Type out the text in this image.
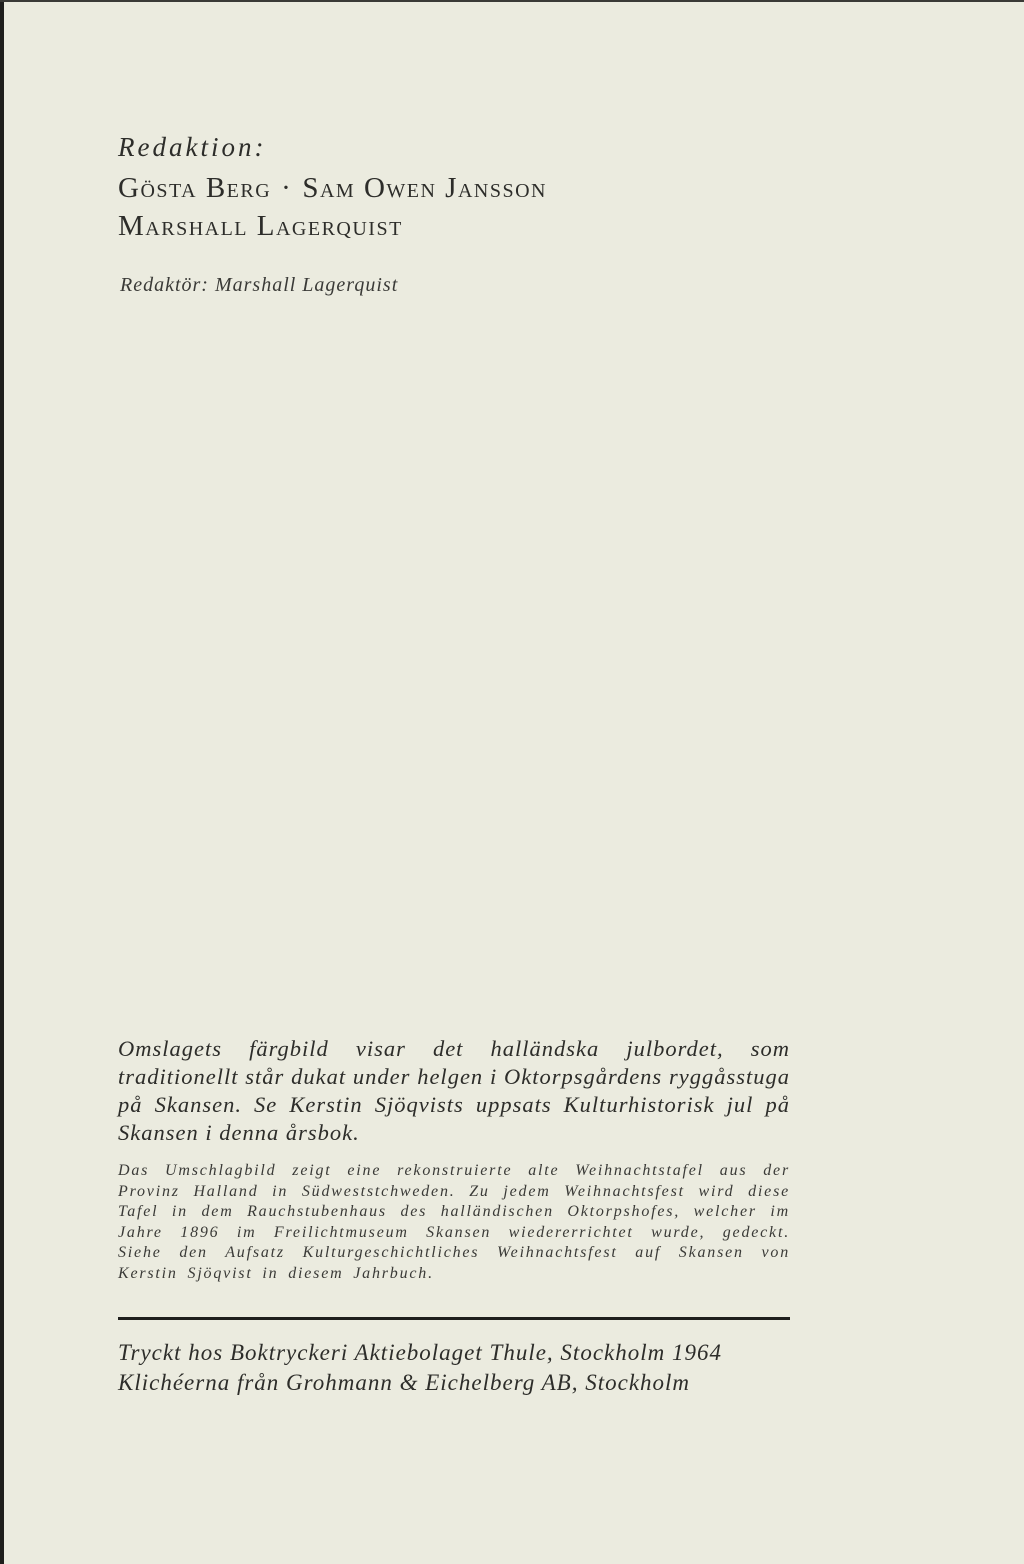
Redaktion:
Gösta Berg · Sam Owen Jansson
Marshall Lagerquist
Redaktör: Marshall Lagerquist
Omslagets färgbild visar det halländska julbordet, som traditionellt står dukat under helgen i Oktorpsgårdens ryggåsstuga på Skansen. Se Kerstin Sjöqvists uppsats Kulturhistorisk jul på Skansen i denna årsbok.
Das Umschlagbild zeigt eine rekonstruierte alte Weihnachtstafel aus der Provinz Halland in Südweststchweden. Zu jedem Weihnachtsfest wird diese Tafel in dem Rauchstubenhaus des halländischen Oktorpshofes, welcher im Jahre 1896 im Freilichtmuseum Skansen wiedererrichtet wurde, gedeckt. Siehe den Aufsatz Kulturgeschichtliches Weihnachtsfest auf Skansen von Kerstin Sjöqvist in diesem Jahrbuch.
Tryckt hos Boktryckeri Aktiebolaget Thule, Stockholm 1964
Klichéerna från Grohmann & Eichelberg AB, Stockholm
